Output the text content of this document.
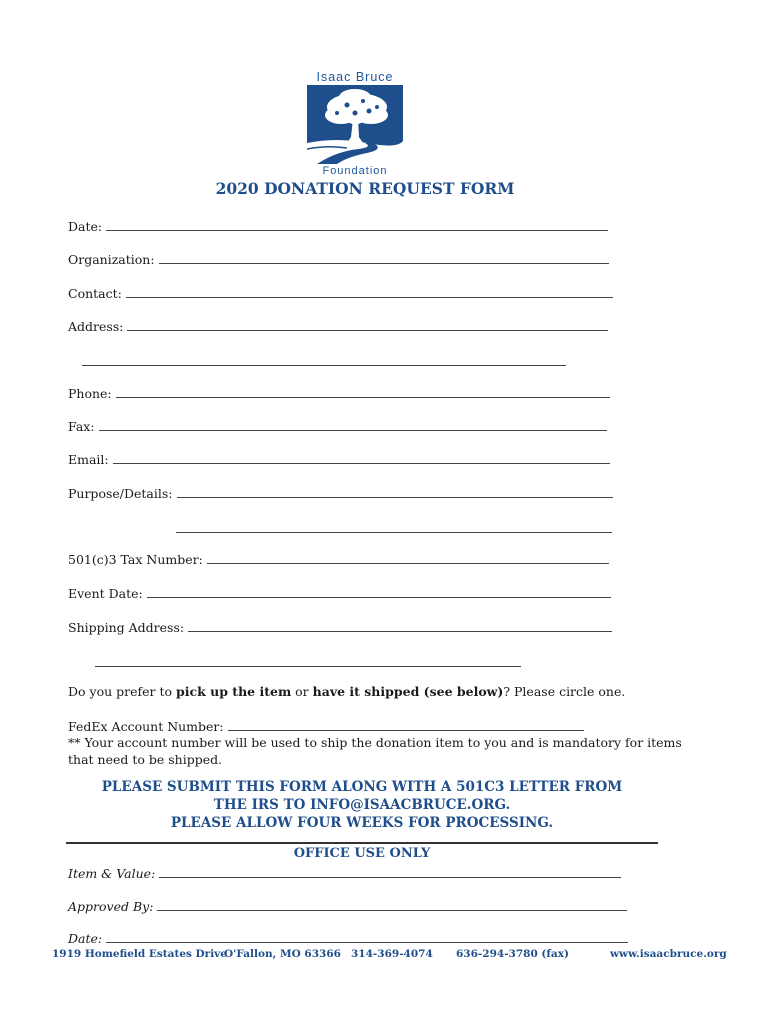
Isaac Bruce
Foundation
2020 DONATION REQUEST FORM
Date:
Organization:
Contact:
Address:
Phone:
Fax:
Email:
Purpose/Details:
501(c)3 Tax Number:
Event Date:
Shipping Address:
Do you prefer to pick up the item or have it shipped (see below)? Please circle one.
FedEx Account Number:
** Your account number will be used to ship the donation item to you and is mandatory for items
that need to be shipped.
PLEASE SUBMIT THIS FORM ALONG WITH A 501C3 LETTER FROM
THE IRS TO INFO@ISAACBRUCE.ORG.
PLEASE ALLOW FOUR WEEKS FOR PROCESSING.
OFFICE USE ONLY
Item & Value:
Approved By:
Date:
1919 Homefield Estates Drive
O'Fallon, MO 63366 314-369-4074 636-294-3780 (fax)	www.isaacbruce.org
